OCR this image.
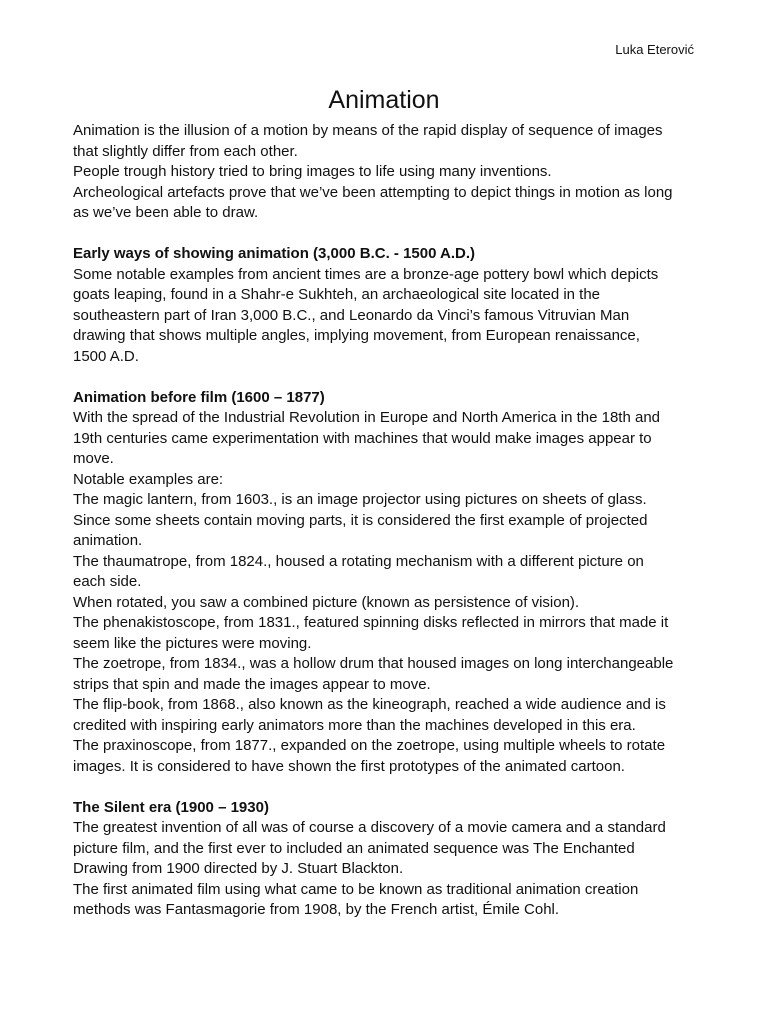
Luka Eterović
Animation

Animation is the illusion of a motion by means of the rapid display of sequence of images

that slightly differ from each other.

People trough history tried to bring images to life using many inventions.

Archeological artefacts prove that we’ve been attempting to depict things in motion as long

as we’ve been able to draw.

Early ways of showing animation (3,000 B.C. - 1500 A.D.)

Some notable examples from ancient times are a bronze-age pottery bowl which depicts

goats leaping, found in a Shahr-e Sukhteh, an archaeological site located in the

southeastern part of Iran 3,000 B.C., and Leonardo da Vinci’s famous Vitruvian Man

drawing that shows multiple angles, implying movement, from European renaissance,

1500 A.D.

Animation before film (1600 – 1877)

With the spread of the Industrial Revolution in Europe and North America in the 18th and

19th centuries came experimentation with machines that would make images appear to

move.

Notable examples are:

The magic lantern, from 1603., is an image projector using pictures on sheets of glass.

Since some sheets contain moving parts, it is considered the first example of projected

animation.

The thaumatrope, from 1824., housed a rotating mechanism with a different picture on

each side.

When rotated, you saw a combined picture (known as persistence of vision).

The phenakistoscope, from 1831., featured spinning disks reflected in mirrors that made it

seem like the pictures were moving.

The zoetrope, from 1834., was a hollow drum that housed images on long interchangeable

strips that spin and made the images appear to move.

The flip-book, from 1868., also known as the kineograph, reached a wide audience and is

credited with inspiring early animators more than the machines developed in this era.

The praxinoscope, from 1877., expanded on the zoetrope, using multiple wheels to rotate

images. It is considered to have shown the first prototypes of the animated cartoon.

The Silent era (1900 – 1930)

The greatest invention of all was of course a discovery of a movie camera and a standard

picture film, and the first ever to included an animated sequence was The Enchanted

Drawing from 1900 directed by J. Stuart Blackton.

The first animated film using what came to be known as traditional animation creation

methods was Fantasmagorie from 1908, by the French artist, Émile Cohl.
